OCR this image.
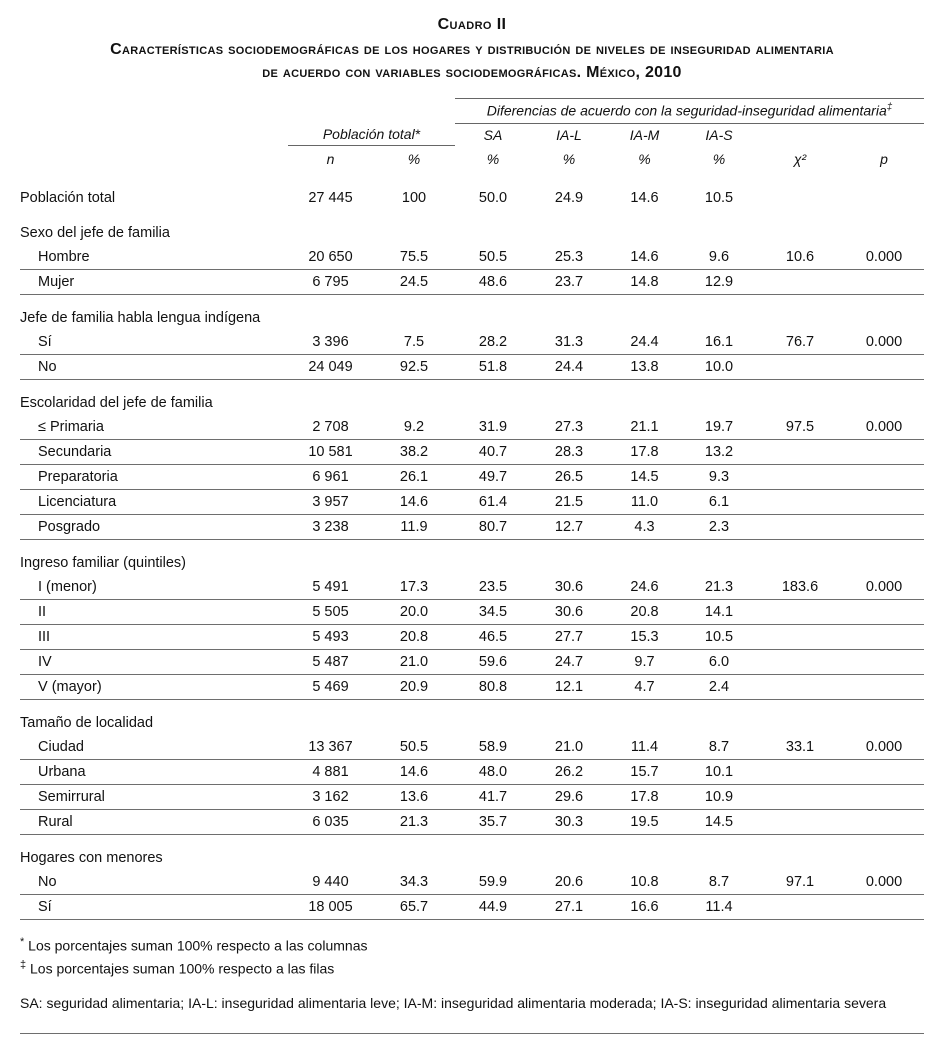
Cuadro II
Características sociodemográficas de los hogares y distribución de niveles de inseguridad alimentaria
de acuerdo con variables sociodemográficas. México, 2010
			Diferencias de acuerdo con la seguridad-inseguridad alimentaria‡
	Población total*		SA	IA-L	IA-M	IA-S		
	n	%	%	%	%	%	χ²	p
Población total	27 445	100	50.0	24.9	14.6	10.5		
Sexo del jefe de familia								
Hombre	20 650	75.5	50.5	25.3	14.6	9.6	10.6	0.000
Mujer	6 795	24.5	48.6	23.7	14.8	12.9		
Jefe de familia habla lengua indígena								
Sí	3 396	7.5	28.2	31.3	24.4	16.1	76.7	0.000
No	24 049	92.5	51.8	24.4	13.8	10.0		
Escolaridad del jefe de familia								
≤ Primaria	2 708	9.2	31.9	27.3	21.1	19.7	97.5	0.000
Secundaria	10 581	38.2	40.7	28.3	17.8	13.2		
Preparatoria	6 961	26.1	49.7	26.5	14.5	9.3		
Licenciatura	3 957	14.6	61.4	21.5	11.0	6.1		
Posgrado	3 238	11.9	80.7	12.7	4.3	2.3		
Ingreso familiar (quintiles)								
I (menor)	5 491	17.3	23.5	30.6	24.6	21.3	183.6	0.000
II	5 505	20.0	34.5	30.6	20.8	14.1		
III	5 493	20.8	46.5	27.7	15.3	10.5		
IV	5 487	21.0	59.6	24.7	9.7	6.0		
V (mayor)	5 469	20.9	80.8	12.1	4.7	2.4		
Tamaño de localidad								
Ciudad	13 367	50.5	58.9	21.0	11.4	8.7	33.1	0.000
Urbana	4 881	14.6	48.0	26.2	15.7	10.1		
Semirrural	3 162	13.6	41.7	29.6	17.8	10.9		
Rural	6 035	21.3	35.7	30.3	19.5	14.5		
Hogares con menores								
No	9 440	34.3	59.9	20.6	10.8	8.7	97.1	0.000
Sí	18 005	65.7	44.9	27.1	16.6	11.4		
* Los porcentajes suman 100% respecto a las columnas
‡ Los porcentajes suman 100% respecto a las filas
SA: seguridad alimentaria; IA-L: inseguridad alimentaria leve; IA-M: inseguridad alimentaria moderada; IA-S: inseguridad alimentaria severa
